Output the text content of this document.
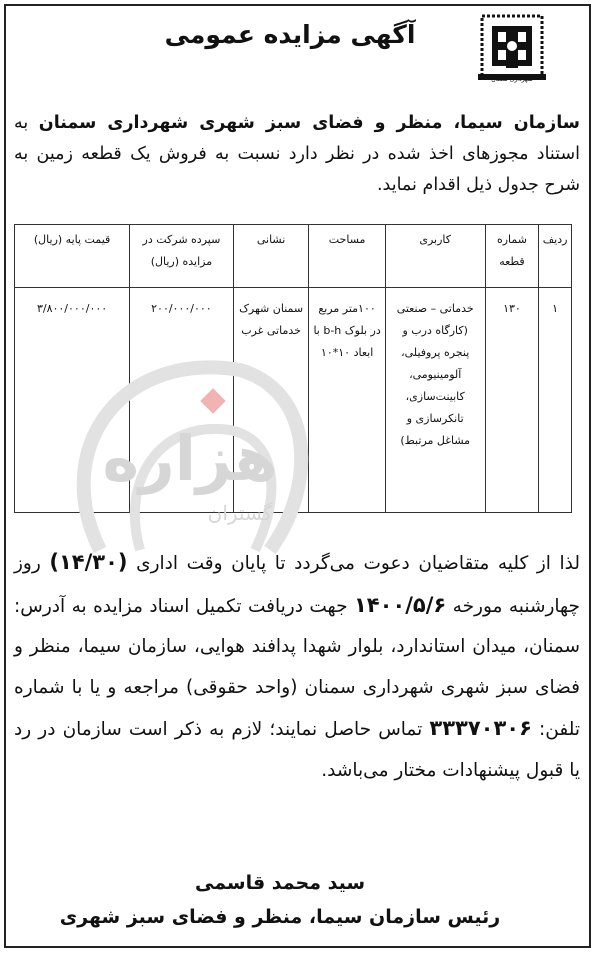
آگهی مزایده عمومی
شهرداری سمنان
سازمان سیما، منظر و فضای سبز شهری شهرداری سمنان به استناد مجوزهای اخذ شده در نظر دارد نسبت به فروش یک قطعه زمین به شرح جدول ذیل اقدام نماید.
ردیف	شماره قطعه	کاربری	مساحت	نشانی	سپرده شرکت در مزایده (ریال)	قیمت پایه (ریال)
۱	۱۳۰	خدماتی – صنعتی (کارگاه درب و پنجره پروفیلی، آلومینیومی، کابینت‌سازی، تانکرسازی و مشاغل مرتبط)	۱۰۰متر مربع در بلوک b-h با ابعاد ۱۰*۱۰	سمنان شهرک خدماتی غرب	۲۰۰/۰۰۰/۰۰۰	۳/۸۰۰/۰۰۰/۰۰۰
هزاره
گستران
لذا از کلیه متقاضیان دعوت می‌گردد تا پایان وقت اداری (۱۴/۳۰) روز چهارشنبه مورخه ۱۴۰۰/۵/۶ جهت دریافت تکمیل اسناد مزایده به آدرس: سمنان، میدان استاندارد، بلوار شهدا پدافند هوایی، سازمان سیما، منظر و فضای سبز شهری شهرداری سمنان (واحد حقوقی) مراجعه و یا با شماره تلفن: ۳۳۳۷۰۳۰۶ تماس حاصل نمایند؛ لازم به ذکر است سازمان در رد یا قبول پیشنهادات مختار می‌باشد.
سید محمد قاسمی
رئیس سازمان سیما، منظر و فضای سبز شهری
